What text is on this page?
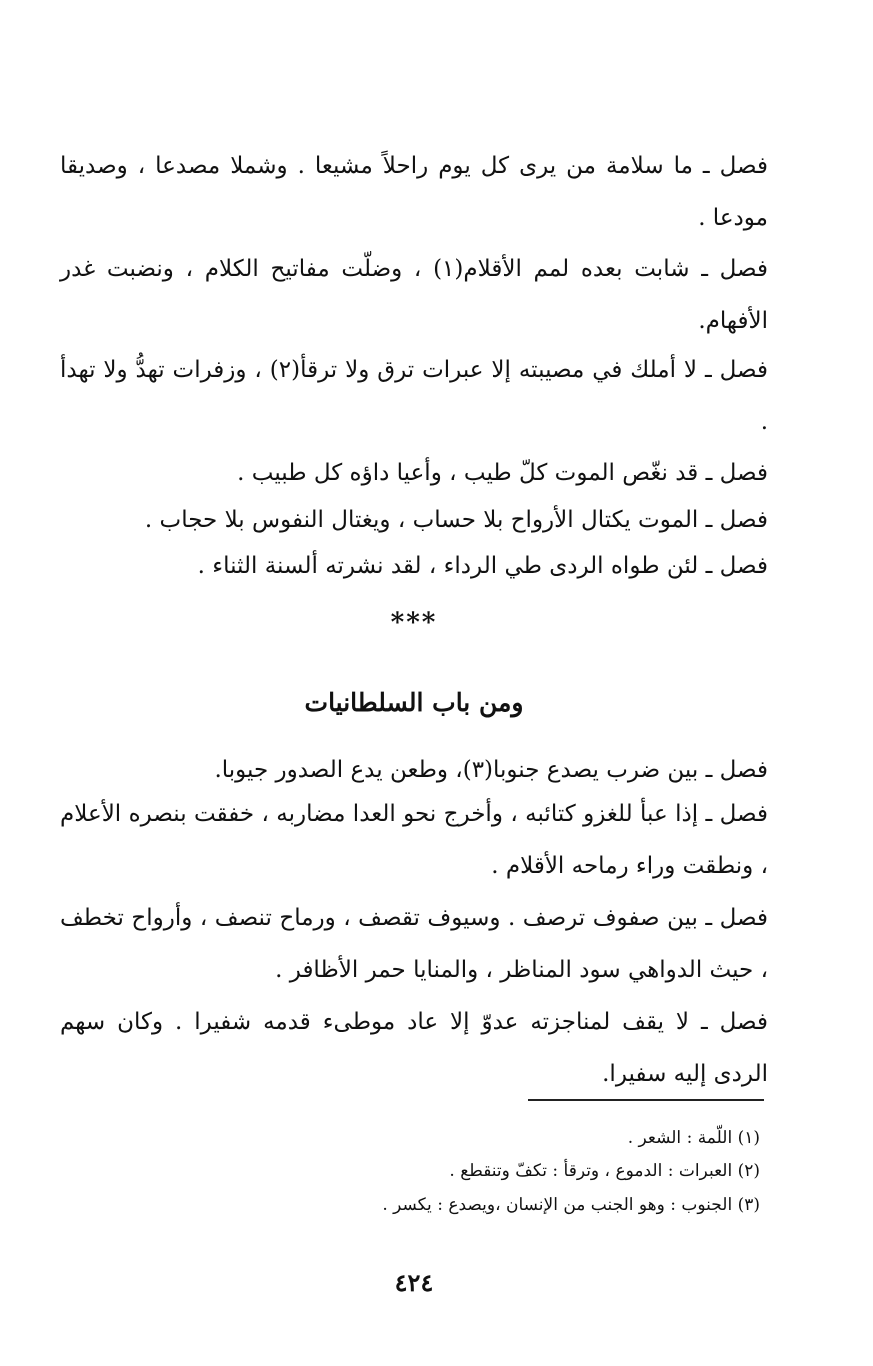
فصل ـ ما سلامة من يرى كل يوم راحلاً مشيعا . وشملا مصدعا ، وصديقا مودعا .
فصل ـ شابت بعده لمم الأقلام(١) ، وضلّت مفاتيح الكلام ، ونضبت غدر الأفهام.
فصل ـ لا أملك في مصيبته إلا عبرات ترق ولا ترقأ(٢) ، وزفرات تهدُّ ولا تهدأ .
فصل ـ قد نغّص الموت كلّ طيب ، وأعيا داؤه كل طبيب .
فصل ـ الموت يكتال الأرواح بلا حساب ، ويغتال النفوس بلا حجاب .
فصل ـ لئن طواه الردى طي الرداء ، لقد نشرته ألسنة الثناء .
***
ومن باب السلطانيات
فصل ـ بين ضرب يصدع جنوبا(٣)، وطعن يدع الصدور جيوبا.
فصل ـ إذا عبأ للغزو كتائبه ، وأخرج نحو العدا مضاربه ، خفقت بنصره الأعلام ، ونطقت وراء رماحه الأقلام .
فصل ـ بين صفوف ترصف . وسيوف تقصف ، ورماح تنصف ، وأرواح تخطف ، حيث الدواهي سود المناظر ، والمنايا حمر الأظافر .
فصل ـ لا يقف لمناجزته عدوّ إلا عاد موطىء قدمه شفيرا . وكان سهم الردى إليه سفيرا.
(١) اللّمة : الشعر .
(٢) العبرات : الدموع ، وترقأ : تكفّ وتنقطع .
(٣) الجنوب : وهو الجنب من الإنسان ،ويصدع : يكسر .
٤٢٤
